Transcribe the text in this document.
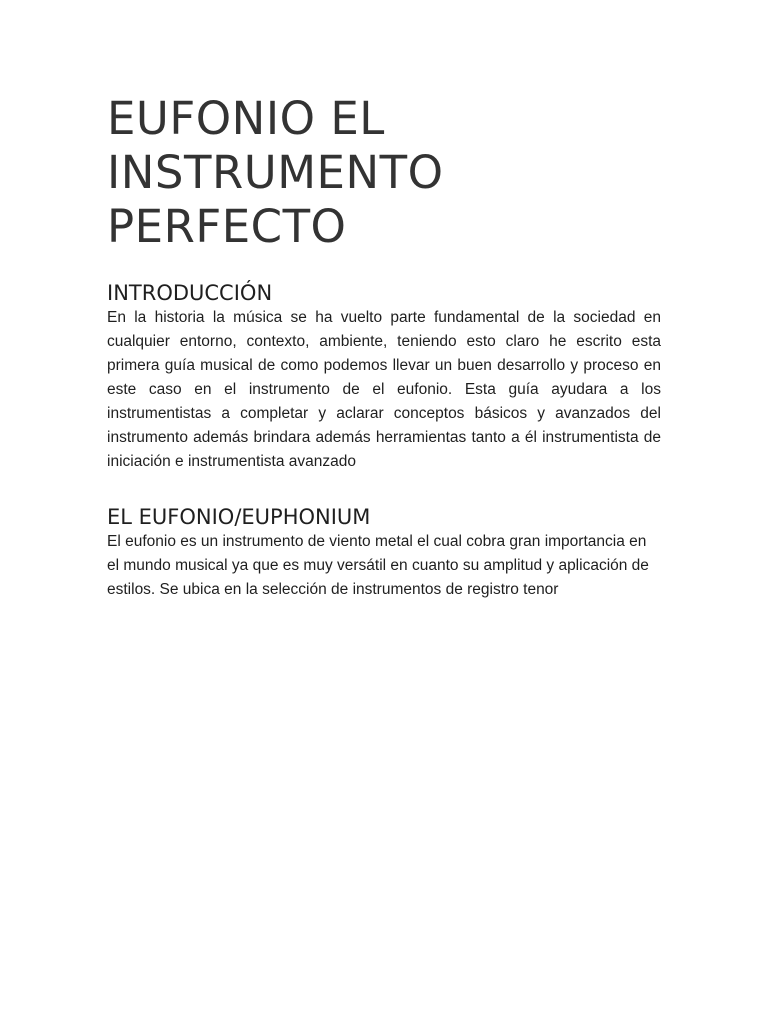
EUFONIO EL INSTRUMENTO PERFECTO
INTRODUCCIÓN

En la historia la música se ha vuelto parte fundamental de la sociedad en cualquier entorno, contexto, ambiente, teniendo esto claro he escrito esta primera guía musical de como podemos llevar un buen desarrollo y proceso en este caso en el instrumento de el eufonio. Esta guía ayudara a los instrumentistas a completar y aclarar conceptos básicos y avanzados del instrumento además brindara además herramientas tanto a él instrumentista de iniciación e instrumentista avanzado

EL EUFONIO/EUPHONIUM

El eufonio es un instrumento de viento metal el cual cobra gran importancia en el mundo musical ya que es muy versátil en cuanto su amplitud y aplicación de estilos. Se ubica en la selección de instrumentos de registro tenor
